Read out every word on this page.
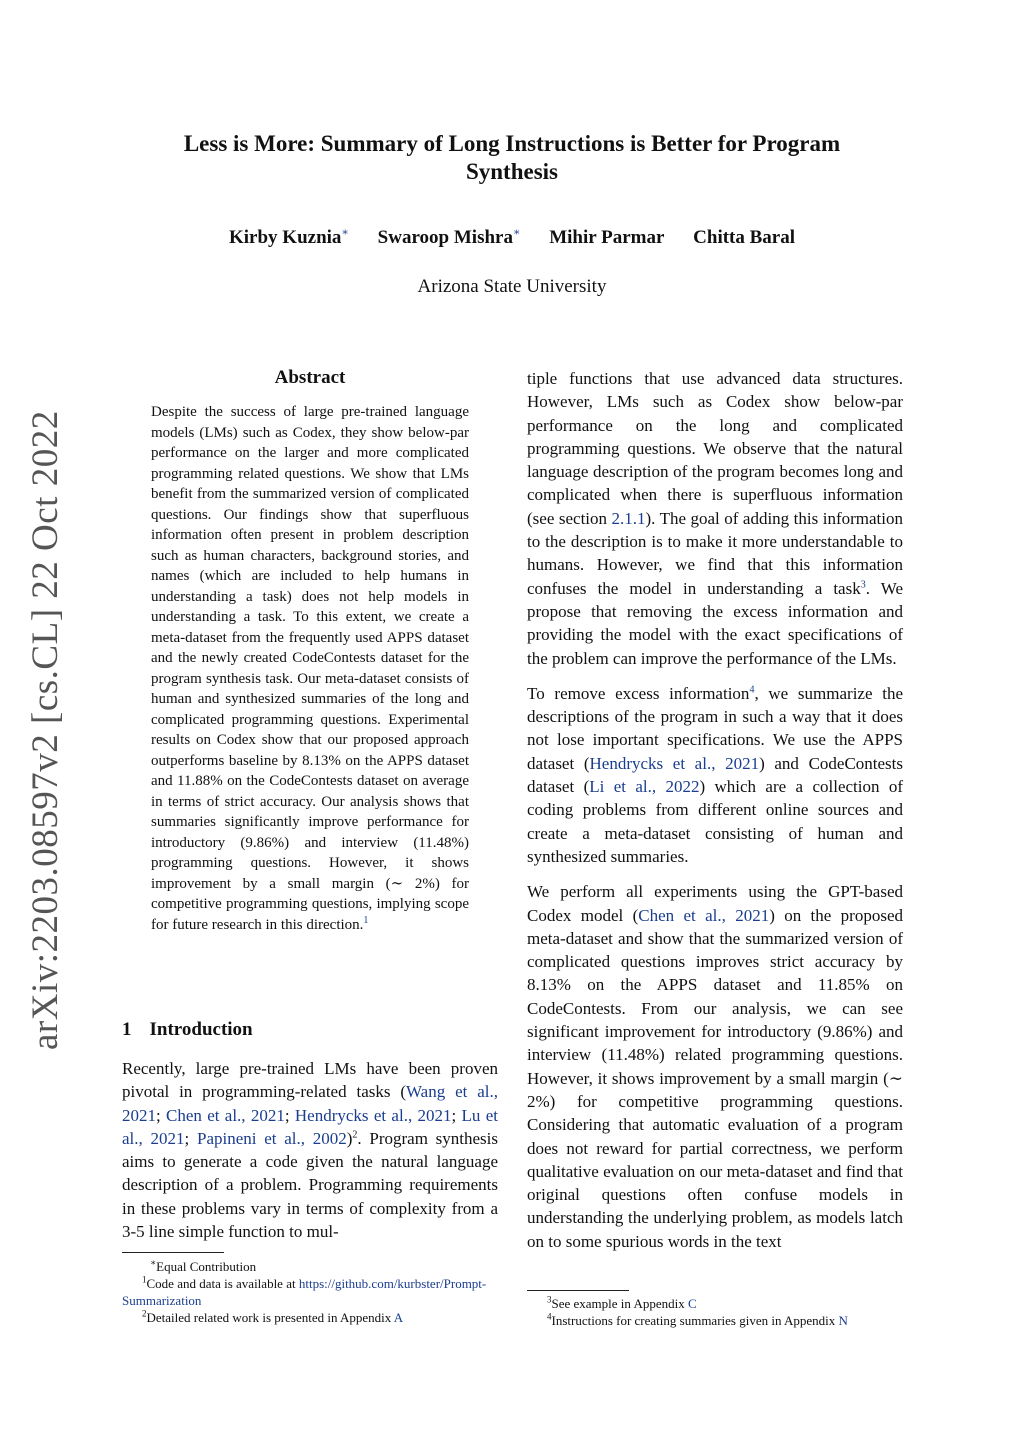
Less is More: Summary of Long Instructions is Better for Program Synthesis
Kirby Kuznia∗ Swaroop Mishra∗ Mihir Parmar Chitta Baral
Arizona State University
arXiv:2203.08597v2 [cs.CL] 22 Oct 2022
Abstract
Despite the success of large pre-trained language models (LMs) such as Codex, they show below-par performance on the larger and more complicated programming related questions. We show that LMs benefit from the summarized version of complicated questions. Our findings show that superfluous information often present in problem description such as human characters, background stories, and names (which are included to help humans in understanding a task) does not help models in understanding a task. To this extent, we create a meta-dataset from the frequently used APPS dataset and the newly created CodeContests dataset for the program synthesis task. Our meta-dataset consists of human and synthesized summaries of the long and complicated programming questions. Experimental results on Codex show that our proposed approach outperforms baseline by 8.13% on the APPS dataset and 11.88% on the CodeContests dataset on average in terms of strict accuracy. Our analysis shows that summaries significantly improve performance for introductory (9.86%) and interview (11.48%) programming questions. However, it shows improvement by a small margin (∼ 2%) for competitive programming questions, implying scope for future research in this direction.$^1$
1 Introduction
Recently, large pre-trained LMs have been proven pivotal in programming-related tasks (Wang et al., 2021; Chen et al., 2021; Hendrycks et al., 2021; Lu et al., 2021; Papineni et al., 2002)$^2$. Program synthesis aims to generate a code given the natural language description of a problem. Programming requirements in these problems vary in terms of complexity from a 3-5 line simple function to mul-

tiple functions that use advanced data structures. However, LMs such as Codex show below-par performance on the long and complicated programming questions. We observe that the natural language description of the program becomes long and complicated when there is superfluous information (see section 2.1.1). The goal of adding this information to the description is to make it more understandable to humans. However, we find that this information confuses the model in understanding a task$^3$. We propose that removing the excess information and providing the model with the exact specifications of the problem can improve the performance of the LMs.

To remove excess information$^4$, we summarize the descriptions of the program in such a way that it does not lose important specifications. We use the APPS dataset (Hendrycks et al., 2021) and CodeContests dataset (Li et al., 2022) which are a collection of coding problems from different online sources and create a meta-dataset consisting of human and synthesized summaries.

We perform all experiments using the GPT-based Codex model (Chen et al., 2021) on the proposed meta-dataset and show that the summarized version of complicated questions improves strict accuracy by 8.13% on the APPS dataset and 11.85% on CodeContests. From our analysis, we can see significant improvement for introductory (9.86%) and interview (11.48%) related programming questions. However, it shows improvement by a small margin (∼ 2%) for competitive programming questions. Considering that automatic evaluation of a program does not reward for partial correctness, we perform qualitative evaluation on our meta-dataset and find that original questions often confuse models in understanding the underlying problem, as models latch on to some spurious words in the text

∗Equal Contribution
$^1$Code and data is available at https://github.com/kurbster/Prompt-Summarization
$^2$Detailed related work is presented in Appendix A
$^3$See example in Appendix C
$^4$Instructions for creating summaries given in Appendix N
